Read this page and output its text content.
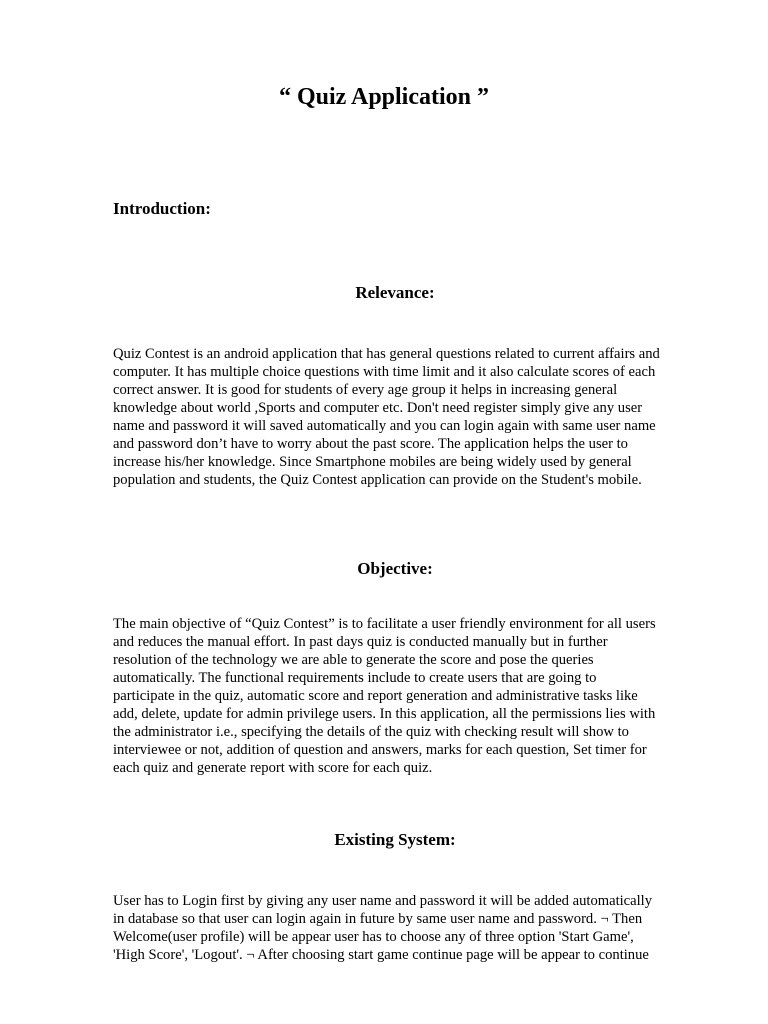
“ Quiz Application ”
Introduction:
Relevance:
Quiz Contest is an android application that has general questions related to current affairs and
computer. It has multiple choice questions with time limit and it also calculate scores of each
correct answer. It is good for students of every age group it helps in increasing general
knowledge about world ,Sports and computer etc. Don't need register simply give any user
name and password it will saved automatically and you can login again with same user name
and password don’t have to worry about the past score. The application helps the user to
increase his/her knowledge. Since Smartphone mobiles are being widely used by general
population and students, the Quiz Contest application can provide on the Student's mobile.
Objective:
The main objective of “Quiz Contest” is to facilitate a user friendly environment for all users
and reduces the manual effort. In past days quiz is conducted manually but in further
resolution of the technology we are able to generate the score and pose the queries
automatically. The functional requirements include to create users that are going to
participate in the quiz, automatic score and report generation and administrative tasks like
add, delete, update for admin privilege users. In this application, all the permissions lies with
the administrator i.e., specifying the details of the quiz with checking result will show to
interviewee or not, addition of question and answers, marks for each question, Set timer for
each quiz and generate report with score for each quiz.
Existing System:
User has to Login first by giving any user name and password it will be added automatically
in database so that user can login again in future by same user name and password. ¬ Then
Welcome(user profile) will be appear user has to choose any of three option 'Start Game',
'High Score', 'Logout'. ¬ After choosing start game continue page will be appear to continue
